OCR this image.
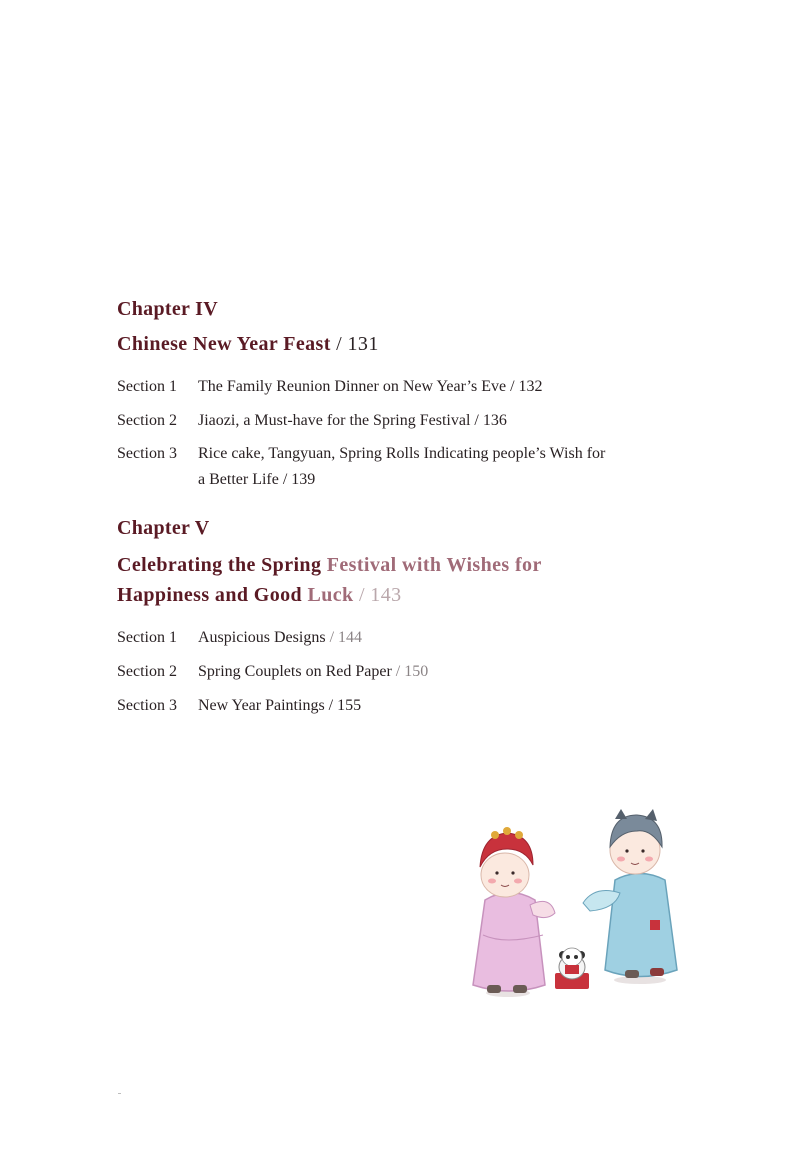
Chapter IV
Chinese New Year Feast / 131
Section 1	The Family Reunion Dinner on New Year’s Eve / 132
Section 2	Jiaozi, a Must-have for the Spring Festival / 136
Section 3	Rice cake, Tangyuan, Spring Rolls Indicating people’s Wish for a Better Life / 139
Chapter V
Celebrating the Spring Festival with Wishes for
Happiness and Good Luck / 143
Section 1	Auspicious Designs / 144
Section 2	Spring Couplets on Red Paper / 150
Section 3	New Year Paintings / 155
